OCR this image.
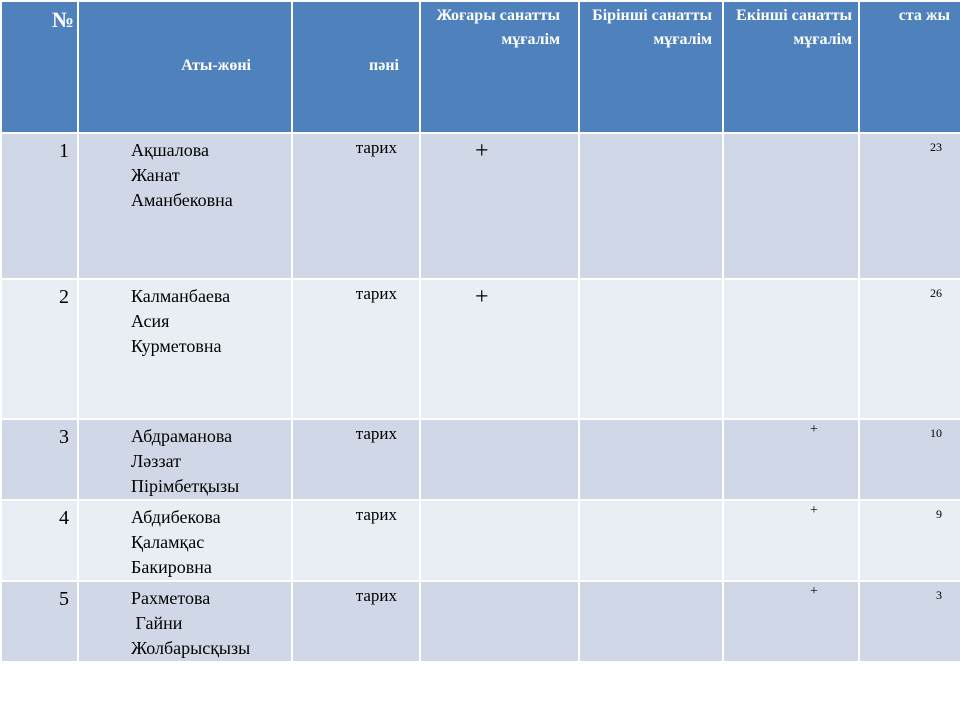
№	Аты-жөні	пәні	Жоғары санатты мұғалім	Бірінші санатты мұғалім	Екінші санатты мұғалім	ста жы

1	Ақшалова
Жанат
Аманбековна	тарих	+			23

2	Калманбаева
Асия
Курметовна	тарих	+			26

3	Абдраманова
Ләззат
Пірімбетқызы	тарих			+	10

4	Абдибекова
Қаламқас
Бакировна	тарих			+	9

5	Рахметова
Гайни
Жолбарысқызы	тарих			+	3
